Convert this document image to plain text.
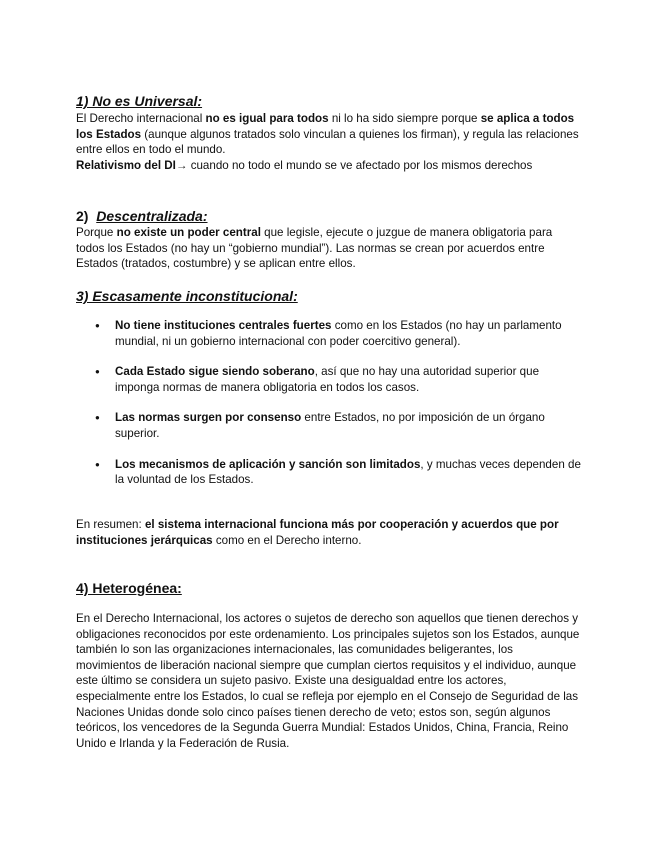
1) No es Universal:
El Derecho internacional no es igual para todos ni lo ha sido siempre porque se aplica a todos los Estados (aunque algunos tratados solo vinculan a quienes los firman), y regula las relaciones entre ellos en todo el mundo.
Relativismo del DI→ cuando no todo el mundo se ve afectado por los mismos derechos
2)  Descentralizada:
Porque no existe un poder central que legisle, ejecute o juzgue de manera obligatoria para todos los Estados (no hay un “gobierno mundial”). Las normas se crean por acuerdos entre Estados (tratados, costumbre) y se aplican entre ellos.
3) Escasamente inconstitucional:
● No tiene instituciones centrales fuertes como en los Estados (no hay un parlamento mundial, ni un gobierno internacional con poder coercitivo general).
● Cada Estado sigue siendo soberano, así que no hay una autoridad superior que imponga normas de manera obligatoria en todos los casos.
● Las normas surgen por consenso entre Estados, no por imposición de un órgano superior.
● Los mecanismos de aplicación y sanción son limitados, y muchas veces dependen de la voluntad de los Estados.
En resumen: el sistema internacional funciona más por cooperación y acuerdos que por instituciones jerárquicas como en el Derecho interno.
4) Heterogénea:
En el Derecho Internacional, los actores o sujetos de derecho son aquellos que tienen derechos y obligaciones reconocidos por este ordenamiento. Los principales sujetos son los Estados, aunque también lo son las organizaciones internacionales, las comunidades beligerantes, los movimientos de liberación nacional siempre que cumplan ciertos requisitos y el individuo, aunque este último se considera un sujeto pasivo. Existe una desigualdad entre los actores, especialmente entre los Estados, lo cual se refleja por ejemplo en el Consejo de Seguridad de las Naciones Unidas donde solo cinco países tienen derecho de veto; estos son, según algunos teóricos, los vencedores de la Segunda Guerra Mundial: Estados Unidos, China, Francia, Reino Unido e Irlanda y la Federación de Rusia.
